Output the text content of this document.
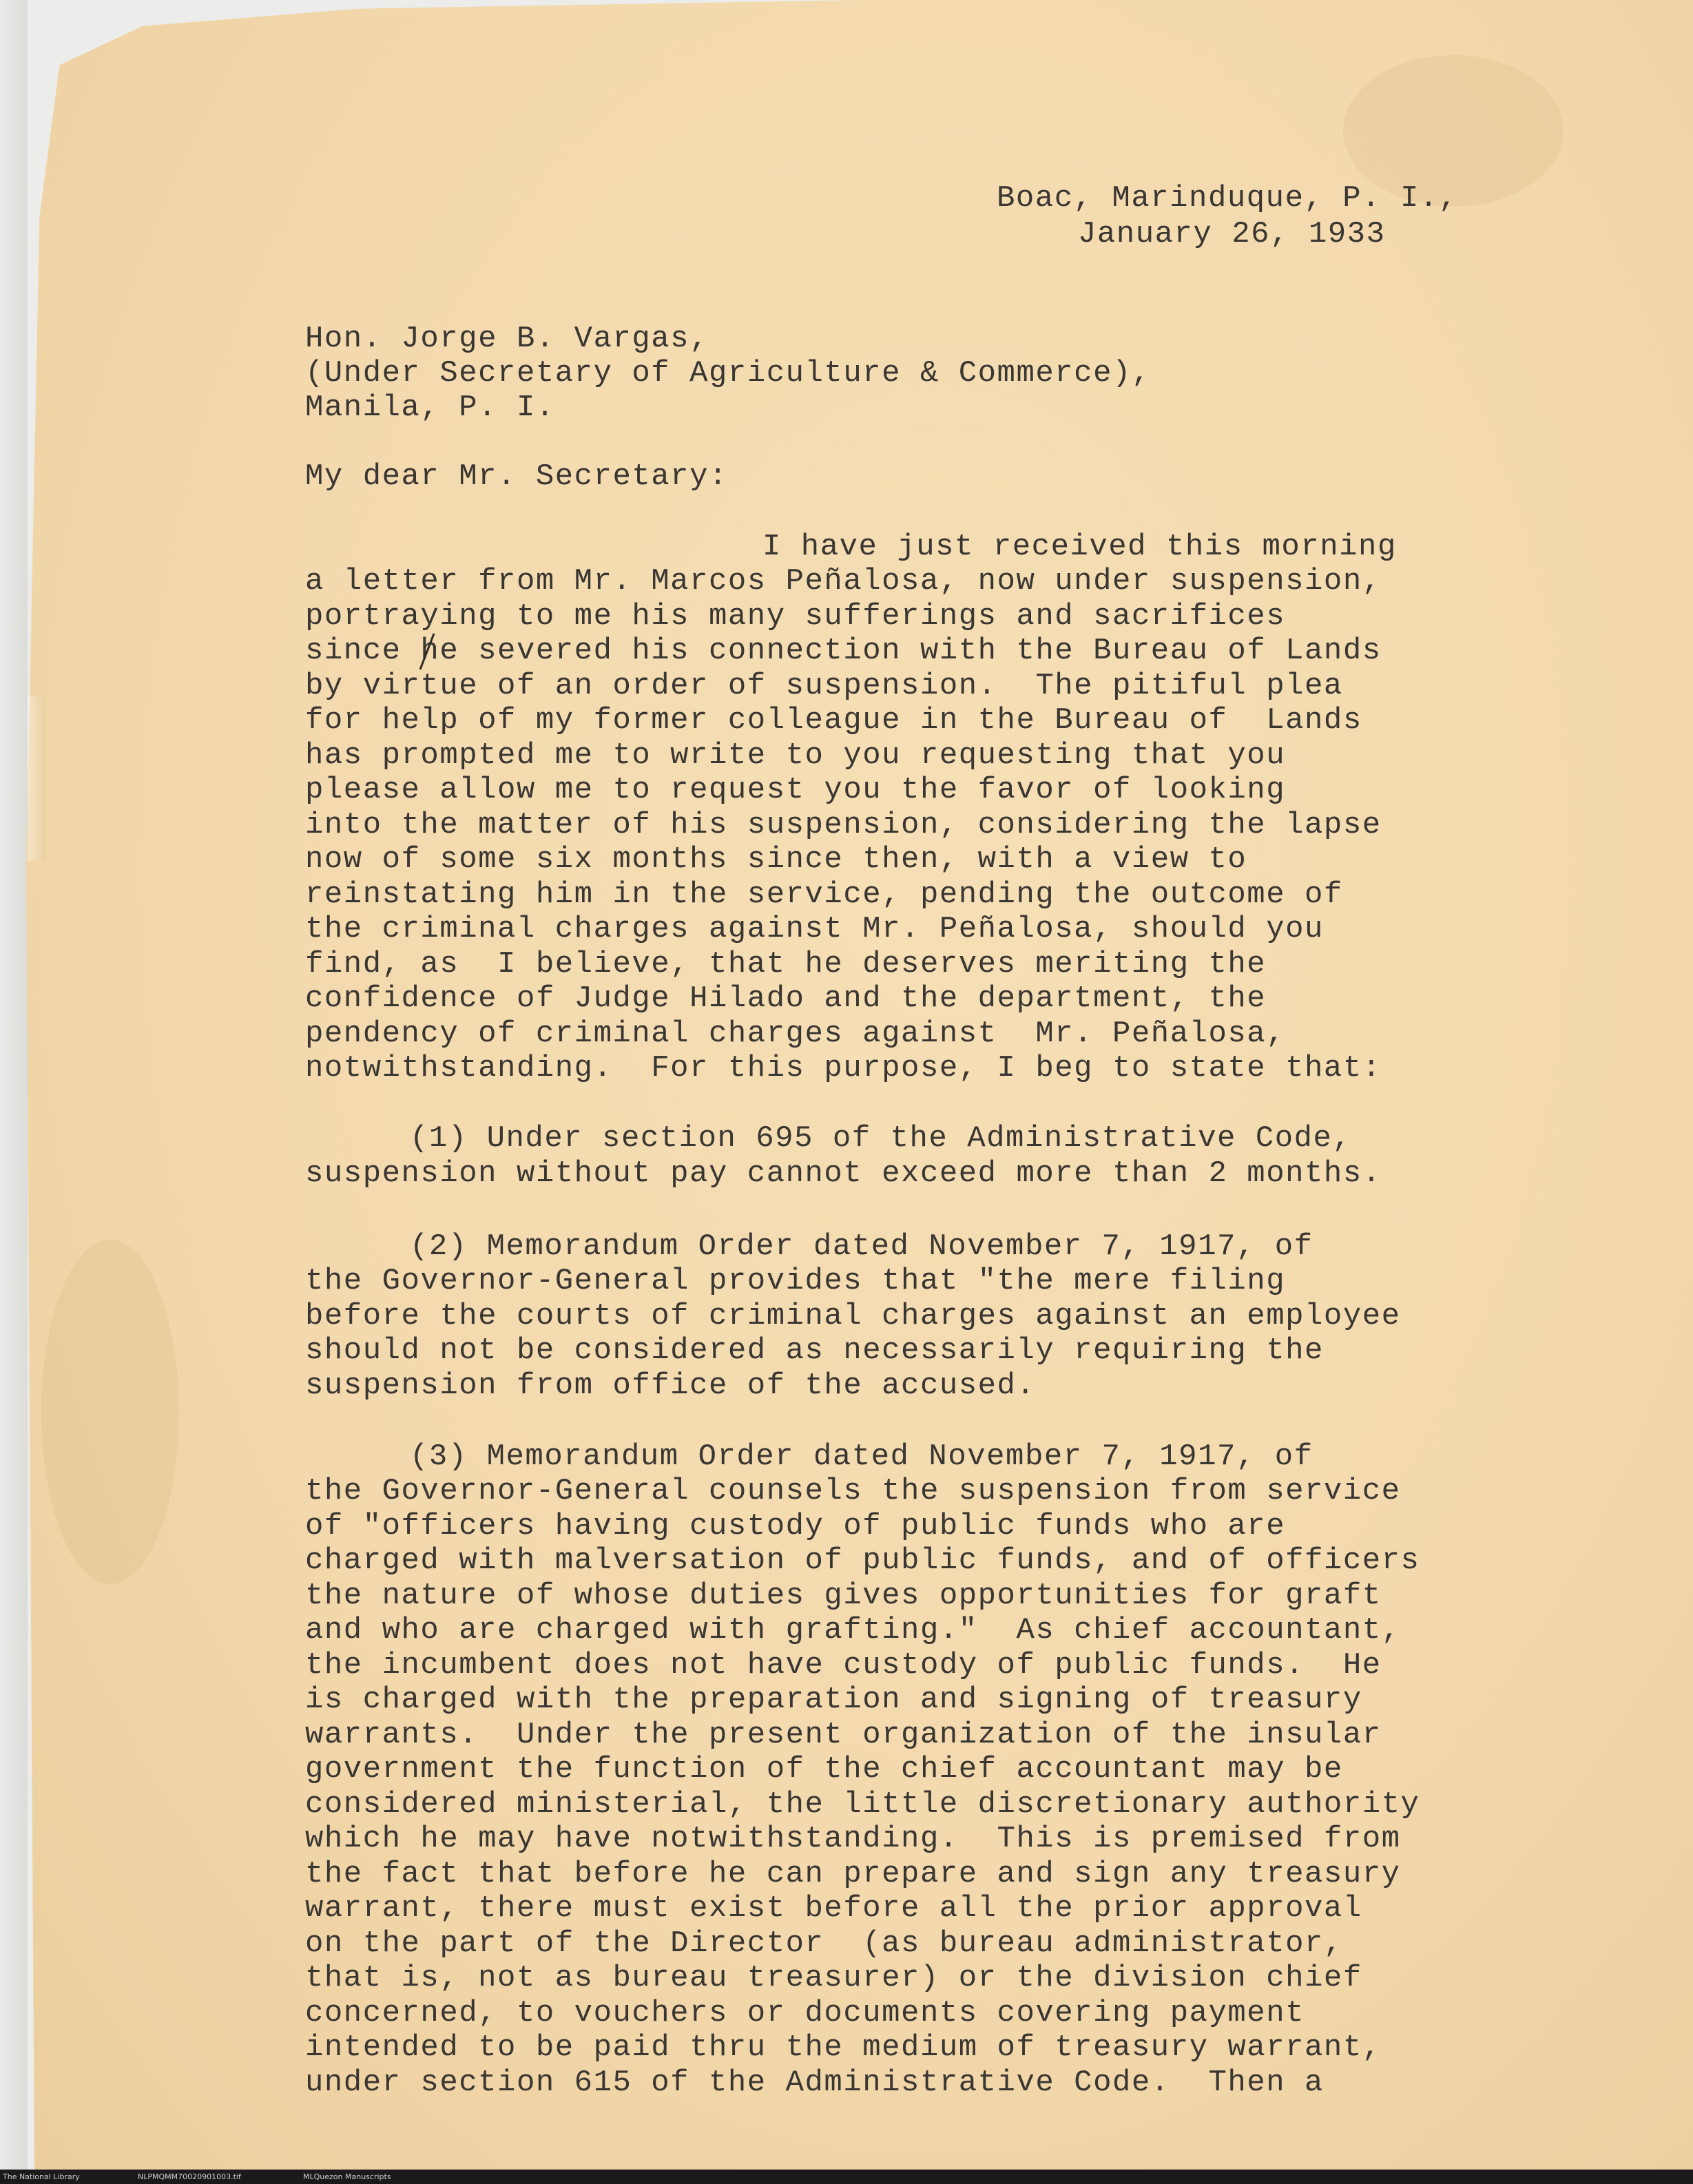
Boac, Marinduque, P. I.,
January 26, 1933
Hon. Jorge B. Vargas,
(Under Secretary of Agriculture & Commerce),
Manila, P. I.
My dear Mr. Secretary:
I have just received this morning
a letter from Mr. Marcos Peñalosa, now under suspension,
portraying to me his many sufferings and sacrifices
since he severed his connection with the Bureau of Lands
by virtue of an order of suspension.  The pitiful plea
for help of my former colleague in the Bureau of  Lands
has prompted me to write to you requesting that you
please allow me to request you the favor of looking
into the matter of his suspension, considering the lapse
now of some six months since then, with a view to
reinstating him in the service, pending the outcome of
the criminal charges against Mr. Peñalosa, should you
find, as  I believe, that he deserves meriting the
confidence of Judge Hilado and the department, the
pendency of criminal charges against  Mr. Peñalosa,
notwithstanding.  For this purpose, I beg to state that:
(1) Under section 695 of the Administrative Code,
suspension without pay cannot exceed more than 2 months.
(2) Memorandum Order dated November 7, 1917, of
the Governor-General provides that "the mere filing
before the courts of criminal charges against an employee
should not be considered as necessarily requiring the
suspension from office of the accused.
(3) Memorandum Order dated November 7, 1917, of
the Governor-General counsels the suspension from service
of "officers having custody of public funds who are
charged with malversation of public funds, and of officers
the nature of whose duties gives opportunities for graft
and who are charged with grafting."  As chief accountant,
the incumbent does not have custody of public funds.  He
is charged with the preparation and signing of treasury
warrants.  Under the present organization of the insular
government the function of the chief accountant may be
considered ministerial, the little discretionary authority
which he may have notwithstanding.  This is premised from
the fact that before he can prepare and sign any treasury
warrant, there must exist before all the prior approval
on the part of the Director  (as bureau administrator,
that is, not as bureau treasurer) or the division chief
concerned, to vouchers or documents covering payment
intended to be paid thru the medium of treasury warrant,
under section 615 of the Administrative Code.  Then a
The National Library	NLPMQMM70020901003.tif	MLQuezon Manuscripts
